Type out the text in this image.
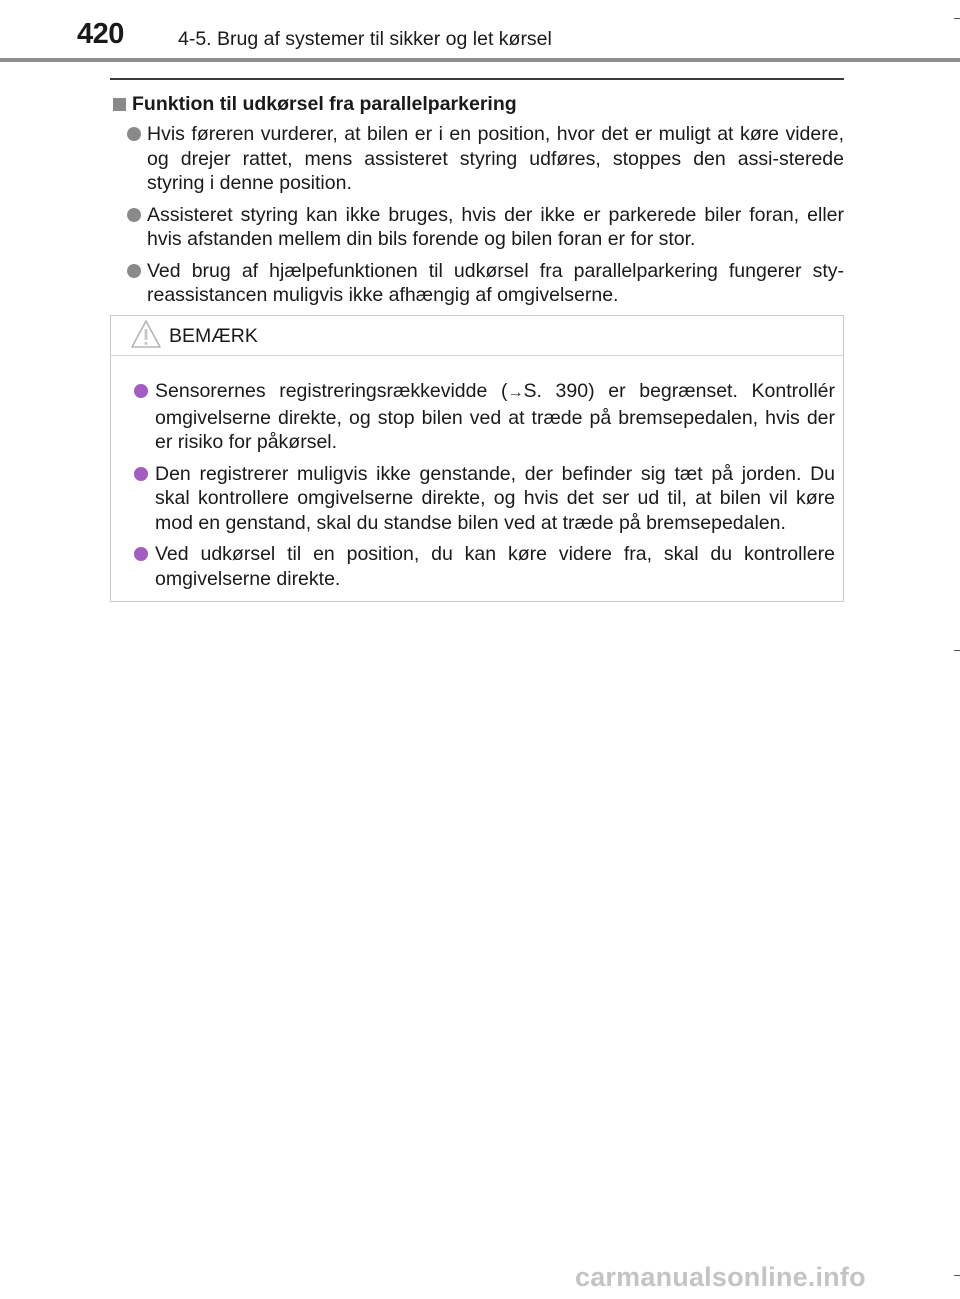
420	4-5. Brug af systemer til sikker og let kørsel
Funktion til udkørsel fra parallelparkering
Hvis føreren vurderer, at bilen er i en position, hvor det er muligt at køre videre, og drejer rattet, mens assisteret styring udføres, stoppes den assi-sterede styring i denne position.
Assisteret styring kan ikke bruges, hvis der ikke er parkerede biler foran, eller hvis afstanden mellem din bils forende og bilen foran er for stor.
Ved brug af hjælpefunktionen til udkørsel fra parallelparkering fungerer sty-reassistancen muligvis ikke afhængig af omgivelserne.
BEMÆRK
Sensorernes registreringsrækkevidde (→S. 390) er begrænset. Kontrollér omgivelserne direkte, og stop bilen ved at træde på bremsepedalen, hvis der er risiko for påkørsel.
Den registrerer muligvis ikke genstande, der befinder sig tæt på jorden. Du skal kontrollere omgivelserne direkte, og hvis det ser ud til, at bilen vil køre mod en genstand, skal du standse bilen ved at træde på bremsepedalen.
Ved udkørsel til en position, du kan køre videre fra, skal du kontrollere omgivelserne direkte.
carmanualsonline.info
